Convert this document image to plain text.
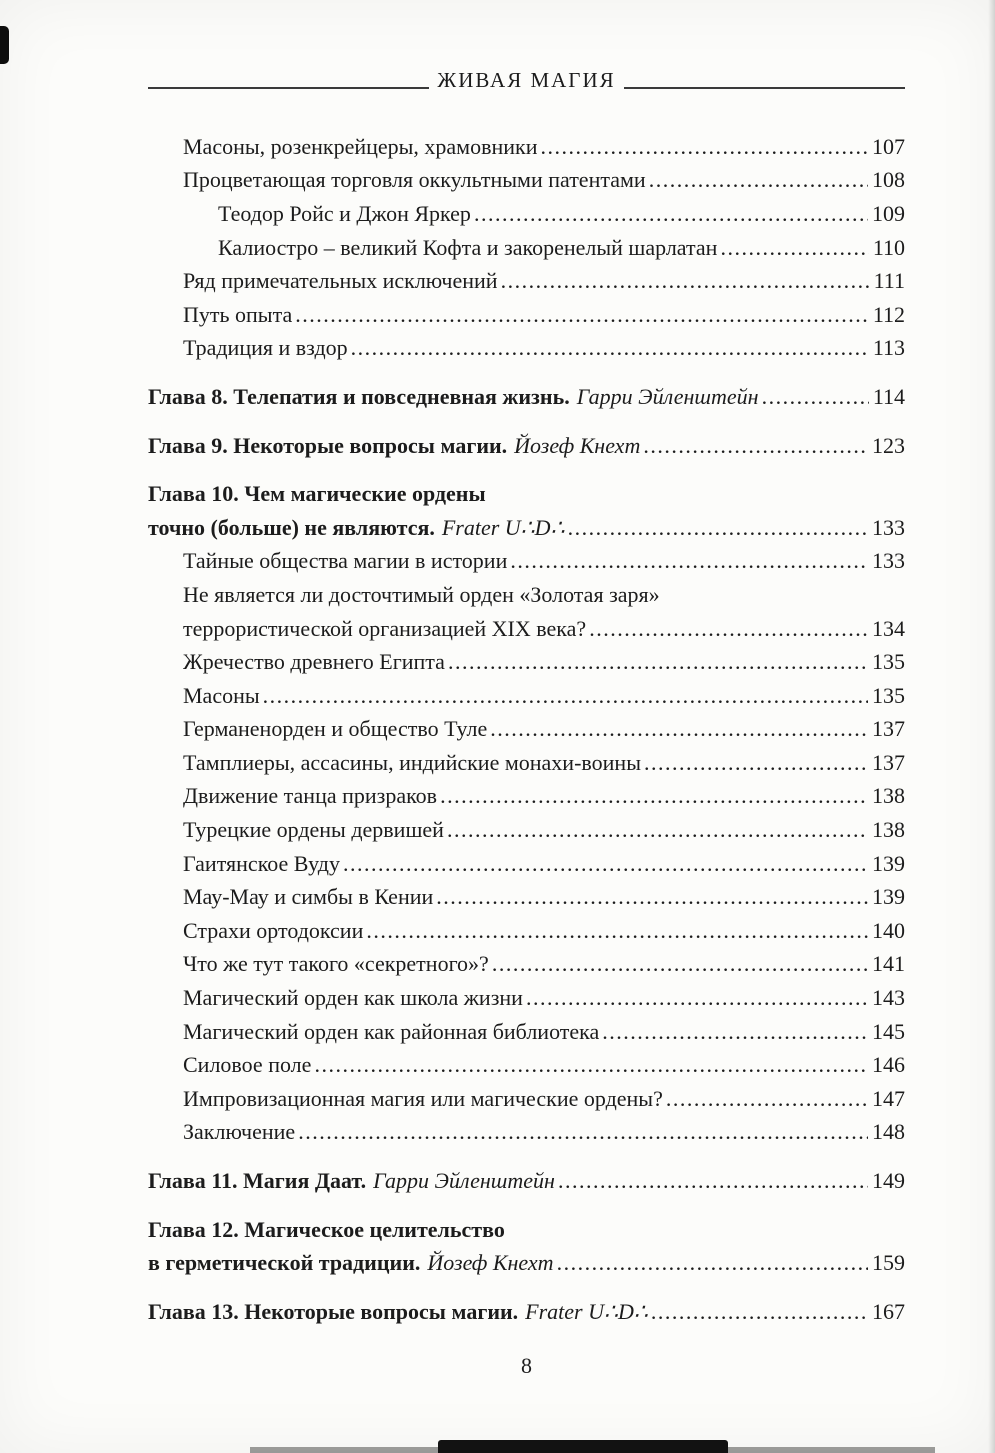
ЖИВАЯ МАГИЯ
Масоны, розенкрейцеры, храмовники .....	107
Процветающая торговля оккультными патентами .....	108
Теодор Ройс и Джон Яркер .....	109
Калиостро – великий Кофта и закоренелый шарлатан .....	110
Ряд примечательных исключений .....	111
Путь опыта .....	112
Традиция и вздор .....	113
Глава 8. Телепатия и повседневная жизнь. Гарри Эйленштейн .....	114
Глава 9. Некоторые вопросы магии. Йозеф Кнехт .....	123
Глава 10. Чем магические ордены
точно (больше) не являются. Frater U∴D∴ .....	133
Тайные общества магии в истории .....	133
Не является ли досточтимый орден «Золотая заря»
террористической организацией XIX века? .....	134
Жречество древнего Египта .....	135
Масоны .....	135
Германенорден и общество Туле .....	137
Тамплиеры, ассасины, индийские монахи-воины .....	137
Движение танца призраков .....	138
Турецкие ордены дервишей .....	138
Гаитянское Вуду .....	139
Мау-Мау и симбы в Кении .....	139
Страхи ортодоксии .....	140
Что же тут такого «секретного»? .....	141
Магический орден как школа жизни .....	143
Магический орден как районная библиотека .....	145
Силовое поле .....	146
Импровизационная магия или магические ордены? .....	147
Заключение .....	148
Глава 11. Магия Даат. Гарри Эйленштейн .....	149
Глава 12. Магическое целительство
в герметической традиции. Йозеф Кнехт .....	159
Глава 13. Некоторые вопросы магии. Frater U∴D∴ .....	167
8
